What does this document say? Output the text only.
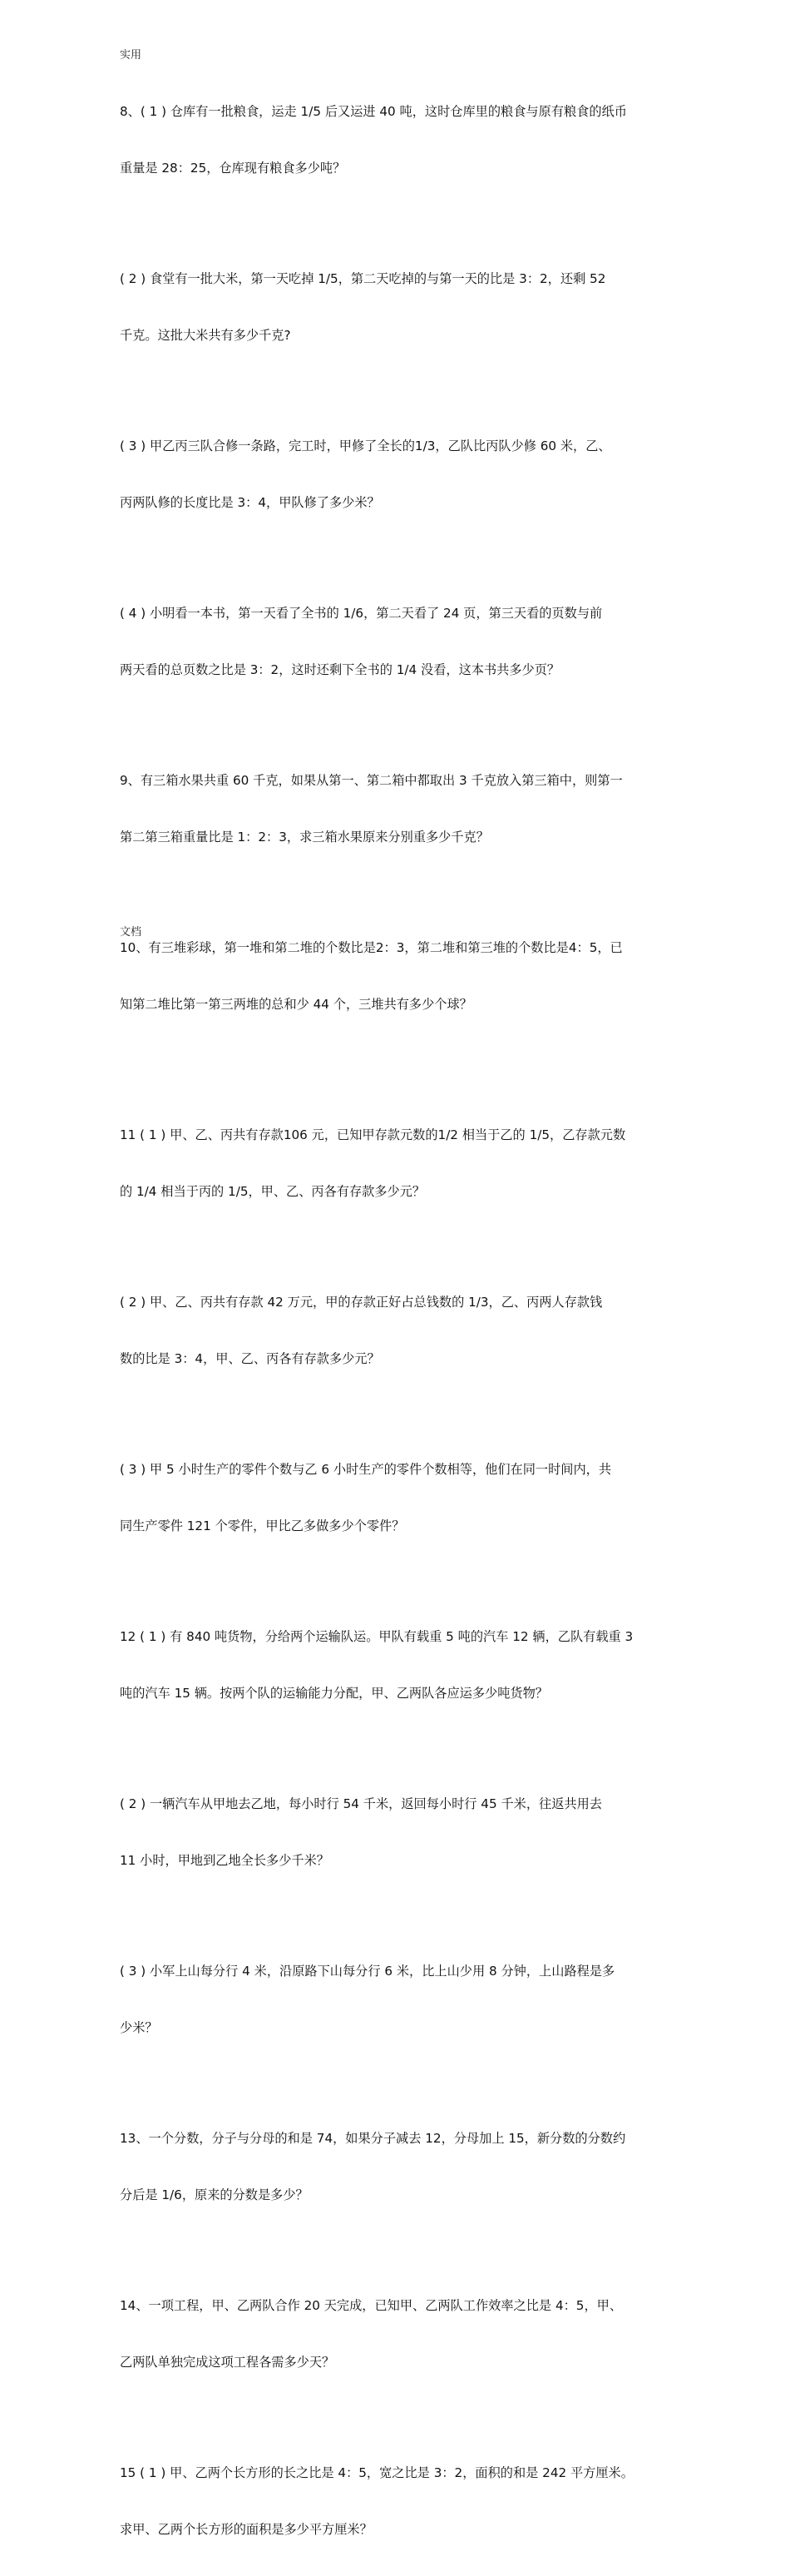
实用

8、( 1 ) 仓库有一批粮食，运走 1/5 后又运进 40 吨，这时仓库里的粮食与原有粮食的纸币

重量是 28：25，仓库现有粮食多少吨？

( 2 ) 食堂有一批大米，第一天吃掉 1/5，第二天吃掉的与第一天的比是 3：2，还剩 52

千克。这批大米共有多少千克?

( 3 ) 甲乙丙三队合修一条路，完工时，甲修了全长的1/3，乙队比丙队少修 60 米，乙、

丙两队修的长度比是 3：4，甲队修了多少米？

( 4 ) 小明看一本书，第一天看了全书的 1/6，第二天看了 24 页，第三天看的页数与前

两天看的总页数之比是 3：2，这时还剩下全书的 1/4 没看，这本书共多少页？

9、有三箱水果共重 60 千克，如果从第一、第二箱中都取出 3 千克放入第三箱中，则第一

第二第三箱重量比是 1：2：3，求三箱水果原来分别重多少千克？

10、有三堆彩球，第一堆和第二堆的个数比是2：3，第二堆和第三堆的个数比是4：5，已

知第二堆比第一第三两堆的总和少 44 个，三堆共有多少个球？

11 ( 1 ) 甲、乙、丙共有存款106 元，已知甲存款元数的1/2 相当于乙的 1/5，乙存款元数

的 1/4 相当于丙的 1/5，甲、乙、丙各有存款多少元？

( 2 ) 甲、乙、丙共有存款 42 万元，甲的存款正好占总钱数的 1/3，乙、丙两人存款钱

数的比是 3：4，甲、乙、丙各有存款多少元？

( 3 ) 甲 5 小时生产的零件个数与乙 6 小时生产的零件个数相等，他们在同一时间内，共

同生产零件 121 个零件，甲比乙多做多少个零件？

12 ( 1 ) 有 840 吨货物，分给两个运输队运。甲队有载重 5 吨的汽车 12 辆，乙队有载重 3

吨的汽车 15 辆。按两个队的运输能力分配，甲、乙两队各应运多少吨货物？

( 2 ) 一辆汽车从甲地去乙地，每小时行 54 千米，返回每小时行 45 千米，往返共用去

11 小时，甲地到乙地全长多少千米？

( 3 ) 小军上山每分行 4 米，沿原路下山每分行 6 米，比上山少用 8 分钟，上山路程是多

少米？

13、一个分数，分子与分母的和是 74，如果分子减去 12，分母加上 15，新分数的分数约

分后是 1/6，原来的分数是多少？

14、一项工程，甲、乙两队合作 20 天完成，已知甲、乙两队工作效率之比是 4：5，甲、

乙两队单独完成这项工程各需多少天？

15 ( 1 ) 甲、乙两个长方形的长之比是 4：5，宽之比是 3：2，面积的和是 242 平方厘米。

求甲、乙两个长方形的面积是多少平方厘米？

文档
